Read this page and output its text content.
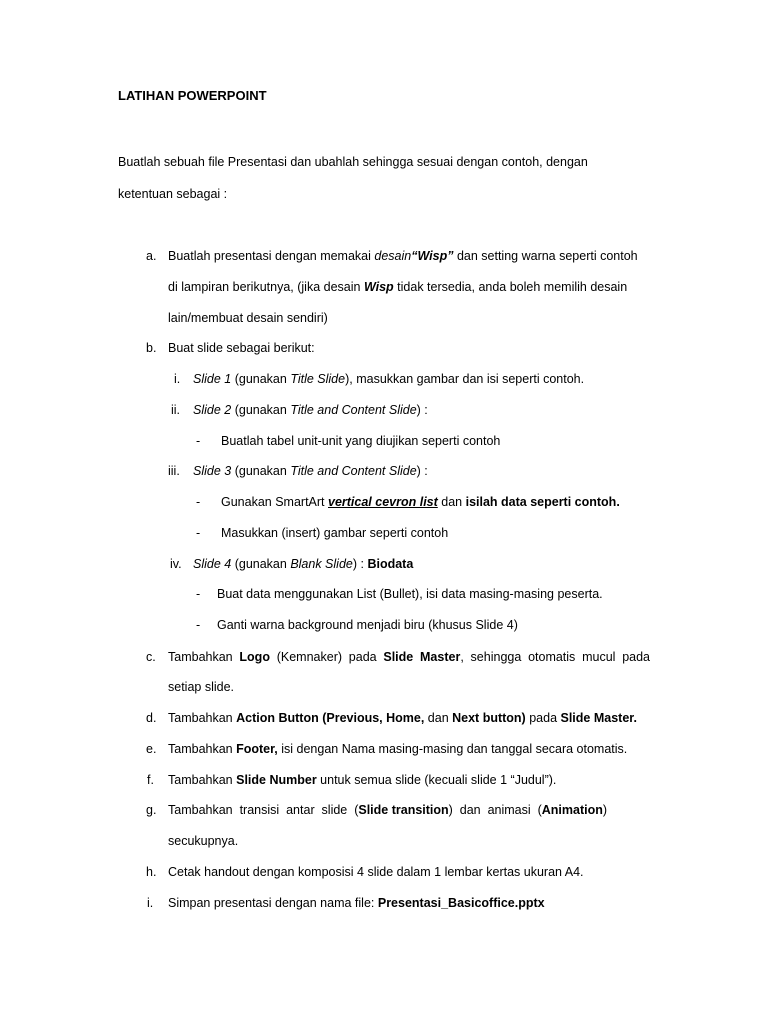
LATIHAN POWERPOINT
Buatlah sebuah file Presentasi dan ubahlah sehingga sesuai dengan contoh, dengan
ketentuan sebagai :
a. Buatlah presentasi dengan memakai desain“Wisp” dan setting warna seperti contoh
di lampiran berikutnya, (jika desain Wisp tidak tersedia, anda boleh memilih desain
lain/membuat desain sendiri)
b. Buat slide sebagai berikut:
i. Slide 1 (gunakan Title Slide), masukkan gambar dan isi seperti contoh.
ii. Slide 2 (gunakan Title and Content Slide) :
- Buatlah tabel unit-unit yang diujikan seperti contoh
iii. Slide 3 (gunakan Title and Content Slide) :
- Gunakan SmartArt vertical cevron list dan isilah data seperti contoh.
- Masukkan (insert) gambar seperti contoh
iv. Slide 4 (gunakan Blank Slide) : Biodata
- Buat data menggunakan List (Bullet), isi data masing-masing peserta.
- Ganti warna background menjadi biru (khusus Slide 4)
c. Tambahkan Logo (Kemnaker) pada Slide Master, sehingga otomatis mucul pada
setiap slide.
d. Tambahkan Action Button (Previous, Home, dan Next button) pada Slide Master.
e. Tambahkan Footer, isi dengan Nama masing-masing dan tanggal secara otomatis.
f. Tambahkan Slide Number untuk semua slide (kecuali slide 1 “Judul”).
g. Tambahkan  transisi  antar  slide  (Slide transition)  dan  animasi  (Animation)
secukupnya.
h. Cetak handout dengan komposisi 4 slide dalam 1 lembar kertas ukuran A4.
i. Simpan presentasi dengan nama file: Presentasi_Basicoffice.pptx
